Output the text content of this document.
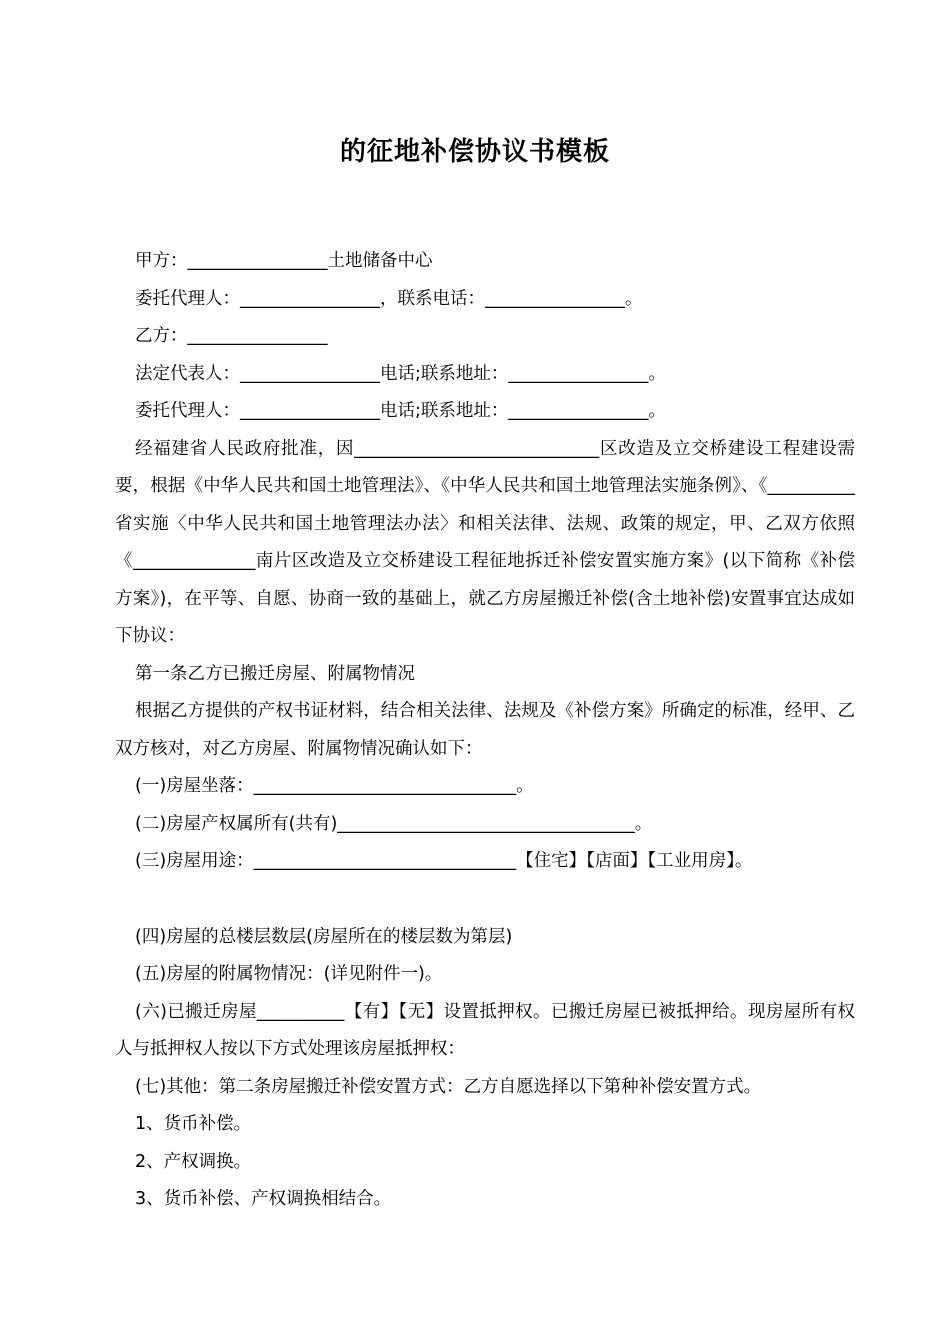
的征地补偿协议书模板
甲方：________________土地储备中心
委托代理人：________________，联系电话：________________。
乙方：________________
法定代表人：________________电话;联系地址：________________。
委托代理人：________________电话;联系地址：________________。
经福建省人民政府批准，因____________________________区改造及立交桥建设工程建设需要，根据《中华人民共和国土地管理法》、《中华人民共和国土地管理法实施条例》、《__________省实施〈中华人民共和国土地管理法办法〉和相关法律、法规、政策的规定，甲、乙双方依照《______________南片区改造及立交桥建设工程征地拆迁补偿安置实施方案》(以下简称《补偿方案》)，在平等、自愿、协商一致的基础上，就乙方房屋搬迁补偿(含土地补偿)安置事宜达成如下协议：
第一条乙方已搬迁房屋、附属物情况
根据乙方提供的产权书证材料，结合相关法律、法规及《补偿方案》所确定的标准，经甲、乙双方核对，对乙方房屋、附属物情况确认如下：
(一)房屋坐落：______________________________。
(二)房屋产权属所有(共有)__________________________________。
(三)房屋用途：______________________________【住宅】【店面】【工业用房】。
(四)房屋的总楼层数层(房屋所在的楼层数为第层)
(五)房屋的附属物情况：(详见附件一)。
(六)已搬迁房屋__________【有】【无】设置抵押权。已搬迁房屋已被抵押给。现房屋所有权人与抵押权人按以下方式处理该房屋抵押权：
(七)其他：第二条房屋搬迁补偿安置方式：乙方自愿选择以下第种补偿安置方式。
1、货币补偿。
2、产权调换。
3、货币补偿、产权调换相结合。
